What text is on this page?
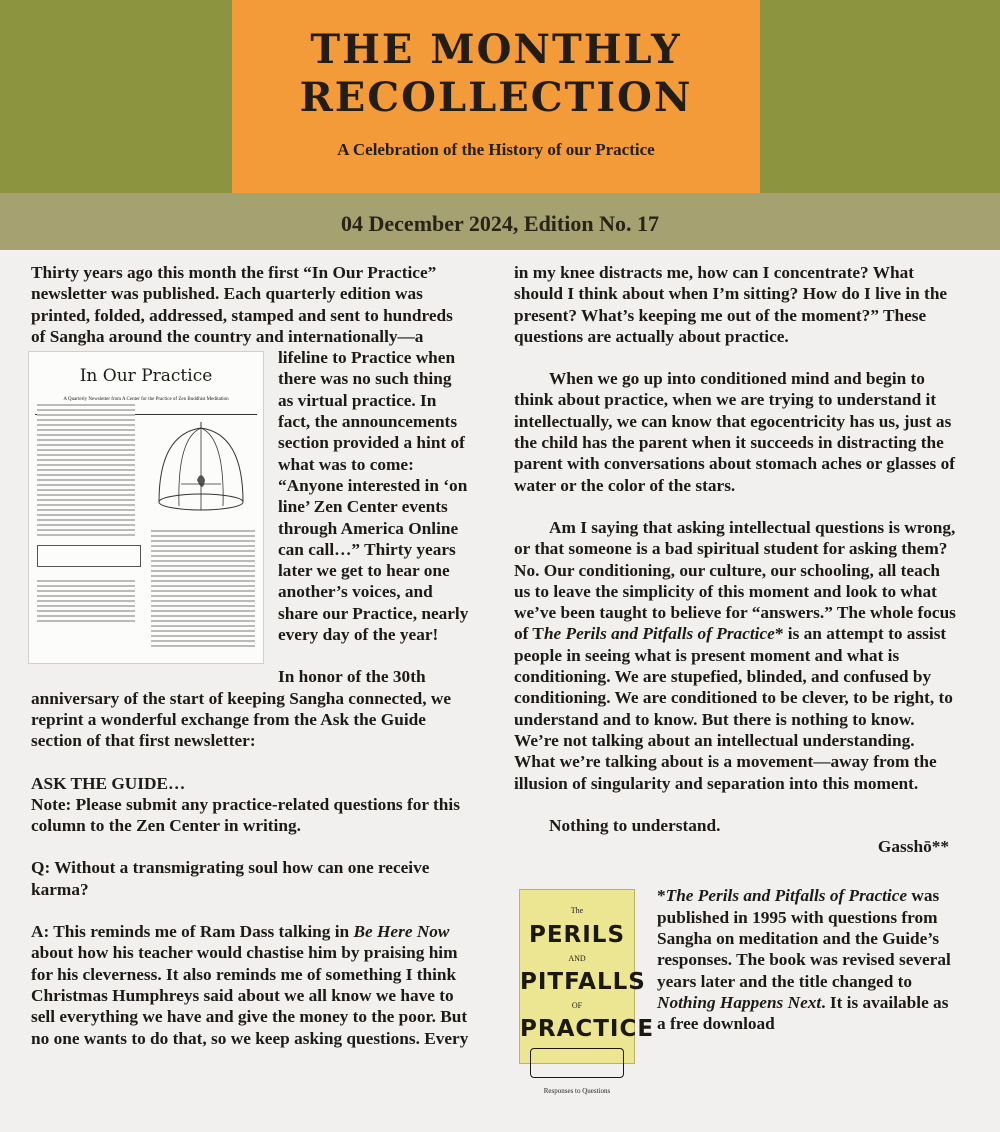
THE MONTHLY
RECOLLECTION
A Celebration of the History of our Practice
04 December 2024, Edition No. 17

Thirty years ago this month the first “In Our Practice” newsletter was published. Each quarterly edition was printed, folded, addressed, stamped and sent to hundreds of Sangha around the country
In Our Practice
A Quarterly Newsletter from A Center for the Practice of Zen Buddhist Meditation
and internationally—a lifeline to Practice when there was no such thing as virtual practice. In fact, the announcements section provided a hint of what was to come: “Anyone interested in ‘on line’ Zen Center events through America Online can call…” Thirty years later we get to hear one another’s voices, and share our Practice, nearly every day of the year!

In honor of the 30th anniversary of the start of keeping Sangha connected, we reprint a wonderful exchange from the Ask the Guide section of that first newsletter:

ASK THE GUIDE…

Note: Please submit any practice-related questions for this column to the Zen Center in writing.

Q: Without a transmigrating soul how can one receive karma?

A: This reminds me of Ram Dass talking in Be Here Now about how his teacher would chastise him by praising him for his cleverness. It also reminds me of something I think Christmas Humphreys said about we all know we have to sell everything we have and give the money to the poor. But no one wants to do that, so we keep asking questions. Every

in my knee distracts me, how can I concentrate? What should I think about when I’m sitting? How do I live in the present? What’s keeping me out of the moment?” These questions are actually about practice.

When we go up into conditioned mind and begin to think about practice, when we are trying to understand it intellectually, we can know that egocentricity has us, just as the child has the parent when it succeeds in distracting the parent with conversations about stomach aches or glasses of water or the color of the stars.

Am I saying that asking intellectual questions is wrong, or that someone is a bad spiritual student for asking them? No. Our conditioning, our culture, our schooling, all teach us to leave the simplicity of this moment and look to what we’ve been taught to believe for “answers.” The whole focus of The Perils and Pitfalls of Practice* is an attempt to assist people in seeing what is present moment and what is conditioning. We are stupefied, blinded, and confused by conditioning. We are conditioned to be clever, to be right, to understand and to know. But there is nothing to know. We’re not talking about an intellectual understanding. What we’re talking about is a movement—away from the illusion of singularity and separation into this moment.

Nothing to understand.

Gasshō**

The
PERILS
AND
PITFALLS
OF
PRACTICE
Responses to Questions
*The Perils and Pitfalls of Practice was published in 1995 with questions from Sangha on meditation and the Guide’s responses. The book was revised several years later and the title changed to Nothing Happens Next. It is available as a free download
